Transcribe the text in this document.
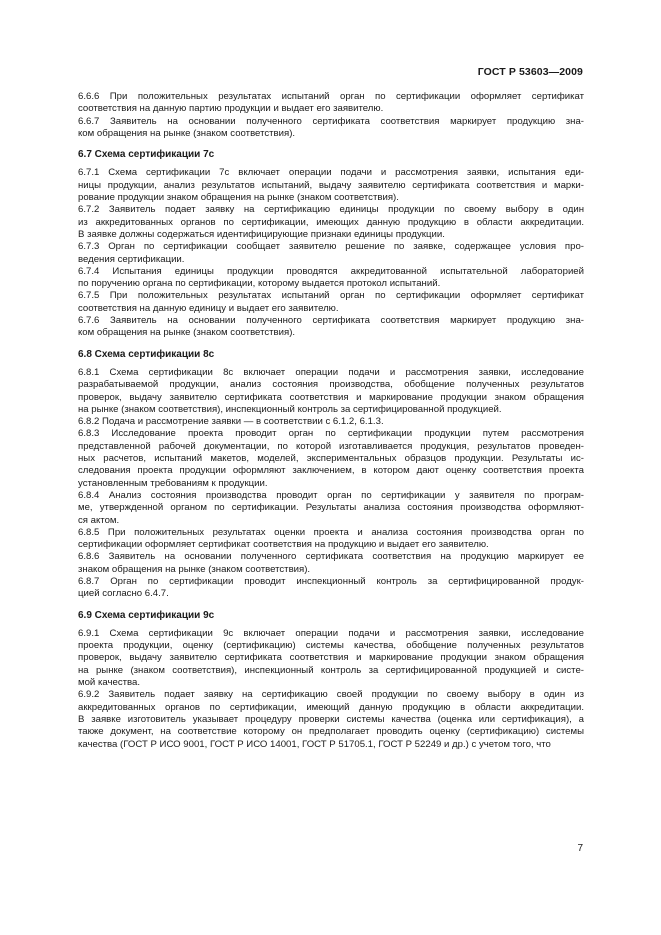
ГОСТ Р 53603—2009
6.6.6 При положительных результатах испытаний орган по сертификации оформляет сертификат
соответствия на данную партию продукции и выдает его заявителю.
6.6.7 Заявитель на основании полученного сертификата соответствия маркирует продукцию зна-
ком обращения на рынке (знаком соответствия).
6.7 Схема сертификации 7с
6.7.1 Схема сертификации 7с включает операции подачи и рассмотрения заявки, испытания еди-
ницы продукции, анализ результатов испытаний, выдачу заявителю сертификата соответствия и марки-
рование продукции знаком обращения на рынке (знаком соответствия).
6.7.2 Заявитель подает заявку на сертификацию единицы продукции по своему выбору в один
из аккредитованных органов по сертификации, имеющих данную продукцию в области аккредитации.
В заявке должны содержаться идентифицирующие признаки единицы продукции.
6.7.3 Орган по сертификации сообщает заявителю решение по заявке, содержащее условия про-
ведения сертификации.
6.7.4 Испытания единицы продукции проводятся аккредитованной испытательной лабораторией
по поручению органа по сертификации, которому выдается протокол испытаний.
6.7.5 При положительных результатах испытаний орган по сертификации оформляет сертификат
соответствия на данную единицу и выдает его заявителю.
6.7.6 Заявитель на основании полученного сертификата соответствия маркирует продукцию зна-
ком обращения на рынке (знаком соответствия).
6.8 Схема сертификации 8с
6.8.1 Схема сертификации 8с включает операции подачи и рассмотрения заявки, исследование
разрабатываемой продукции, анализ состояния производства, обобщение полученных результатов
проверок, выдачу заявителю сертификата соответствия и маркирование продукции знаком обращения
на рынке (знаком соответствия), инспекционный контроль за сертифицированной продукцией.
6.8.2 Подача и рассмотрение заявки — в соответствии с 6.1.2, 6.1.3.
6.8.3 Исследование проекта проводит орган по сертификации продукции путем рассмотрения
представленной рабочей документации, по которой изготавливается продукция, результатов проведен-
ных расчетов, испытаний макетов, моделей, экспериментальных образцов продукции. Результаты ис-
следования проекта продукции оформляют заключением, в котором дают оценку соответствия проекта
установленным требованиям к продукции.
6.8.4 Анализ состояния производства проводит орган по сертификации у заявителя по програм-
ме, утвержденной органом по сертификации. Результаты анализа состояния производства оформляют-
ся актом.
6.8.5 При положительных результатах оценки проекта и анализа состояния производства орган по
сертификации оформляет сертификат соответствия на продукцию и выдает его заявителю.
6.8.6 Заявитель на основании полученного сертификата соответствия на продукцию маркирует ее
знаком обращения на рынке (знаком соответствия).
6.8.7 Орган по сертификации проводит инспекционный контроль за сертифицированной продук-
цией согласно 6.4.7.
6.9 Схема сертификации 9с
6.9.1 Схема сертификации 9с включает операции подачи и рассмотрения заявки, исследование
проекта продукции, оценку (сертификацию) системы качества, обобщение полученных результатов
проверок, выдачу заявителю сертификата соответствия и маркирование продукции знаком обращения
на рынке (знаком соответствия), инспекционный контроль за сертифицированной продукцией и систе-
мой качества.
6.9.2 Заявитель подает заявку на сертификацию своей продукции по своему выбору в один из
аккредитованных органов по сертификации, имеющий данную продукцию в области аккредитации.
В заявке изготовитель указывает процедуру проверки системы качества (оценка или сертификация), а
также документ, на соответствие которому он предполагает проводить оценку (сертификацию) системы
качества (ГОСТ Р ИСО 9001, ГОСТ Р ИСО 14001, ГОСТ Р 51705.1, ГОСТ Р 52249 и др.) с учетом того, что
7
